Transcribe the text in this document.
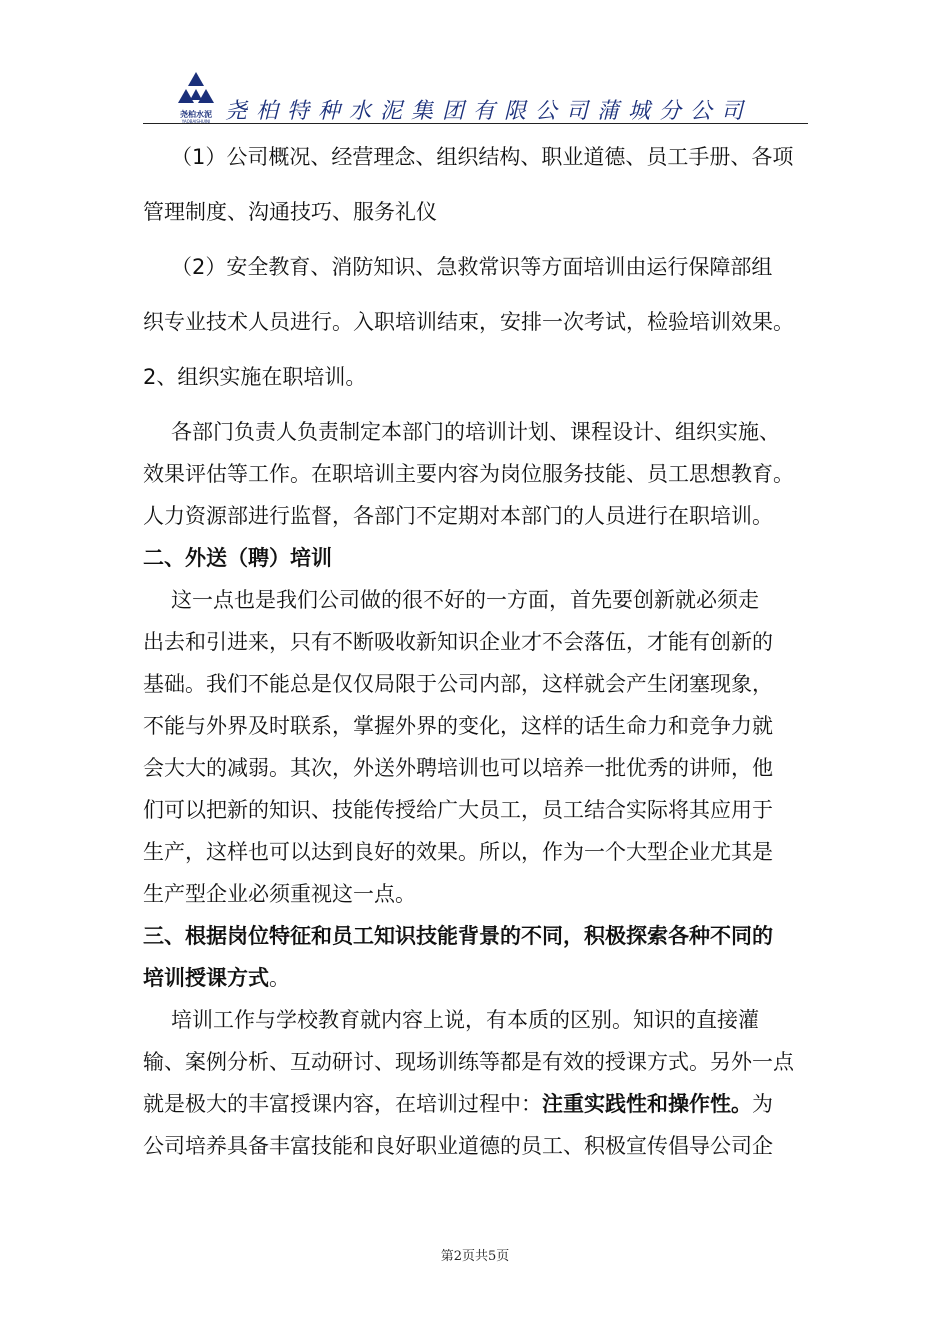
尧柏水泥
YAOBAISHUINI 尧柏特种水泥集团有限公司蒲城分公司

（1）公司概况、经营理念、组织结构、职业道德、员工手册、各项

管理制度、沟通技巧、服务礼仪

（2）安全教育、消防知识、急救常识等方面培训由运行保障部组

织专业技术人员进行。入职培训结束，安排一次考试，检验培训效果。

2、组织实施在职培训。

各部门负责人负责制定本部门的培训计划、课程设计、组织实施、

效果评估等工作。在职培训主要内容为岗位服务技能、员工思想教育。

人力资源部进行监督，各部门不定期对本部门的人员进行在职培训。

二、外送（聘）培训

这一点也是我们公司做的很不好的一方面，首先要创新就必须走

出去和引进来，只有不断吸收新知识企业才不会落伍，才能有创新的

基础。我们不能总是仅仅局限于公司内部，这样就会产生闭塞现象，

不能与外界及时联系，掌握外界的变化，这样的话生命力和竞争力就

会大大的减弱。其次，外送外聘培训也可以培养一批优秀的讲师，他

们可以把新的知识、技能传授给广大员工，员工结合实际将其应用于

生产，这样也可以达到良好的效果。所以，作为一个大型企业尤其是

生产型企业必须重视这一点。

三、根据岗位特征和员工知识技能背景的不同，积极探索各种不同的

培训授课方式。

培训工作与学校教育就内容上说，有本质的区别。知识的直接灌

输、案例分析、互动研讨、现场训练等都是有效的授课方式。另外一点

就是极大的丰富授课内容，在培训过程中：注重实践性和操作性。为

公司培养具备丰富技能和良好职业道德的员工、积极宣传倡导公司企

第2页共5页
